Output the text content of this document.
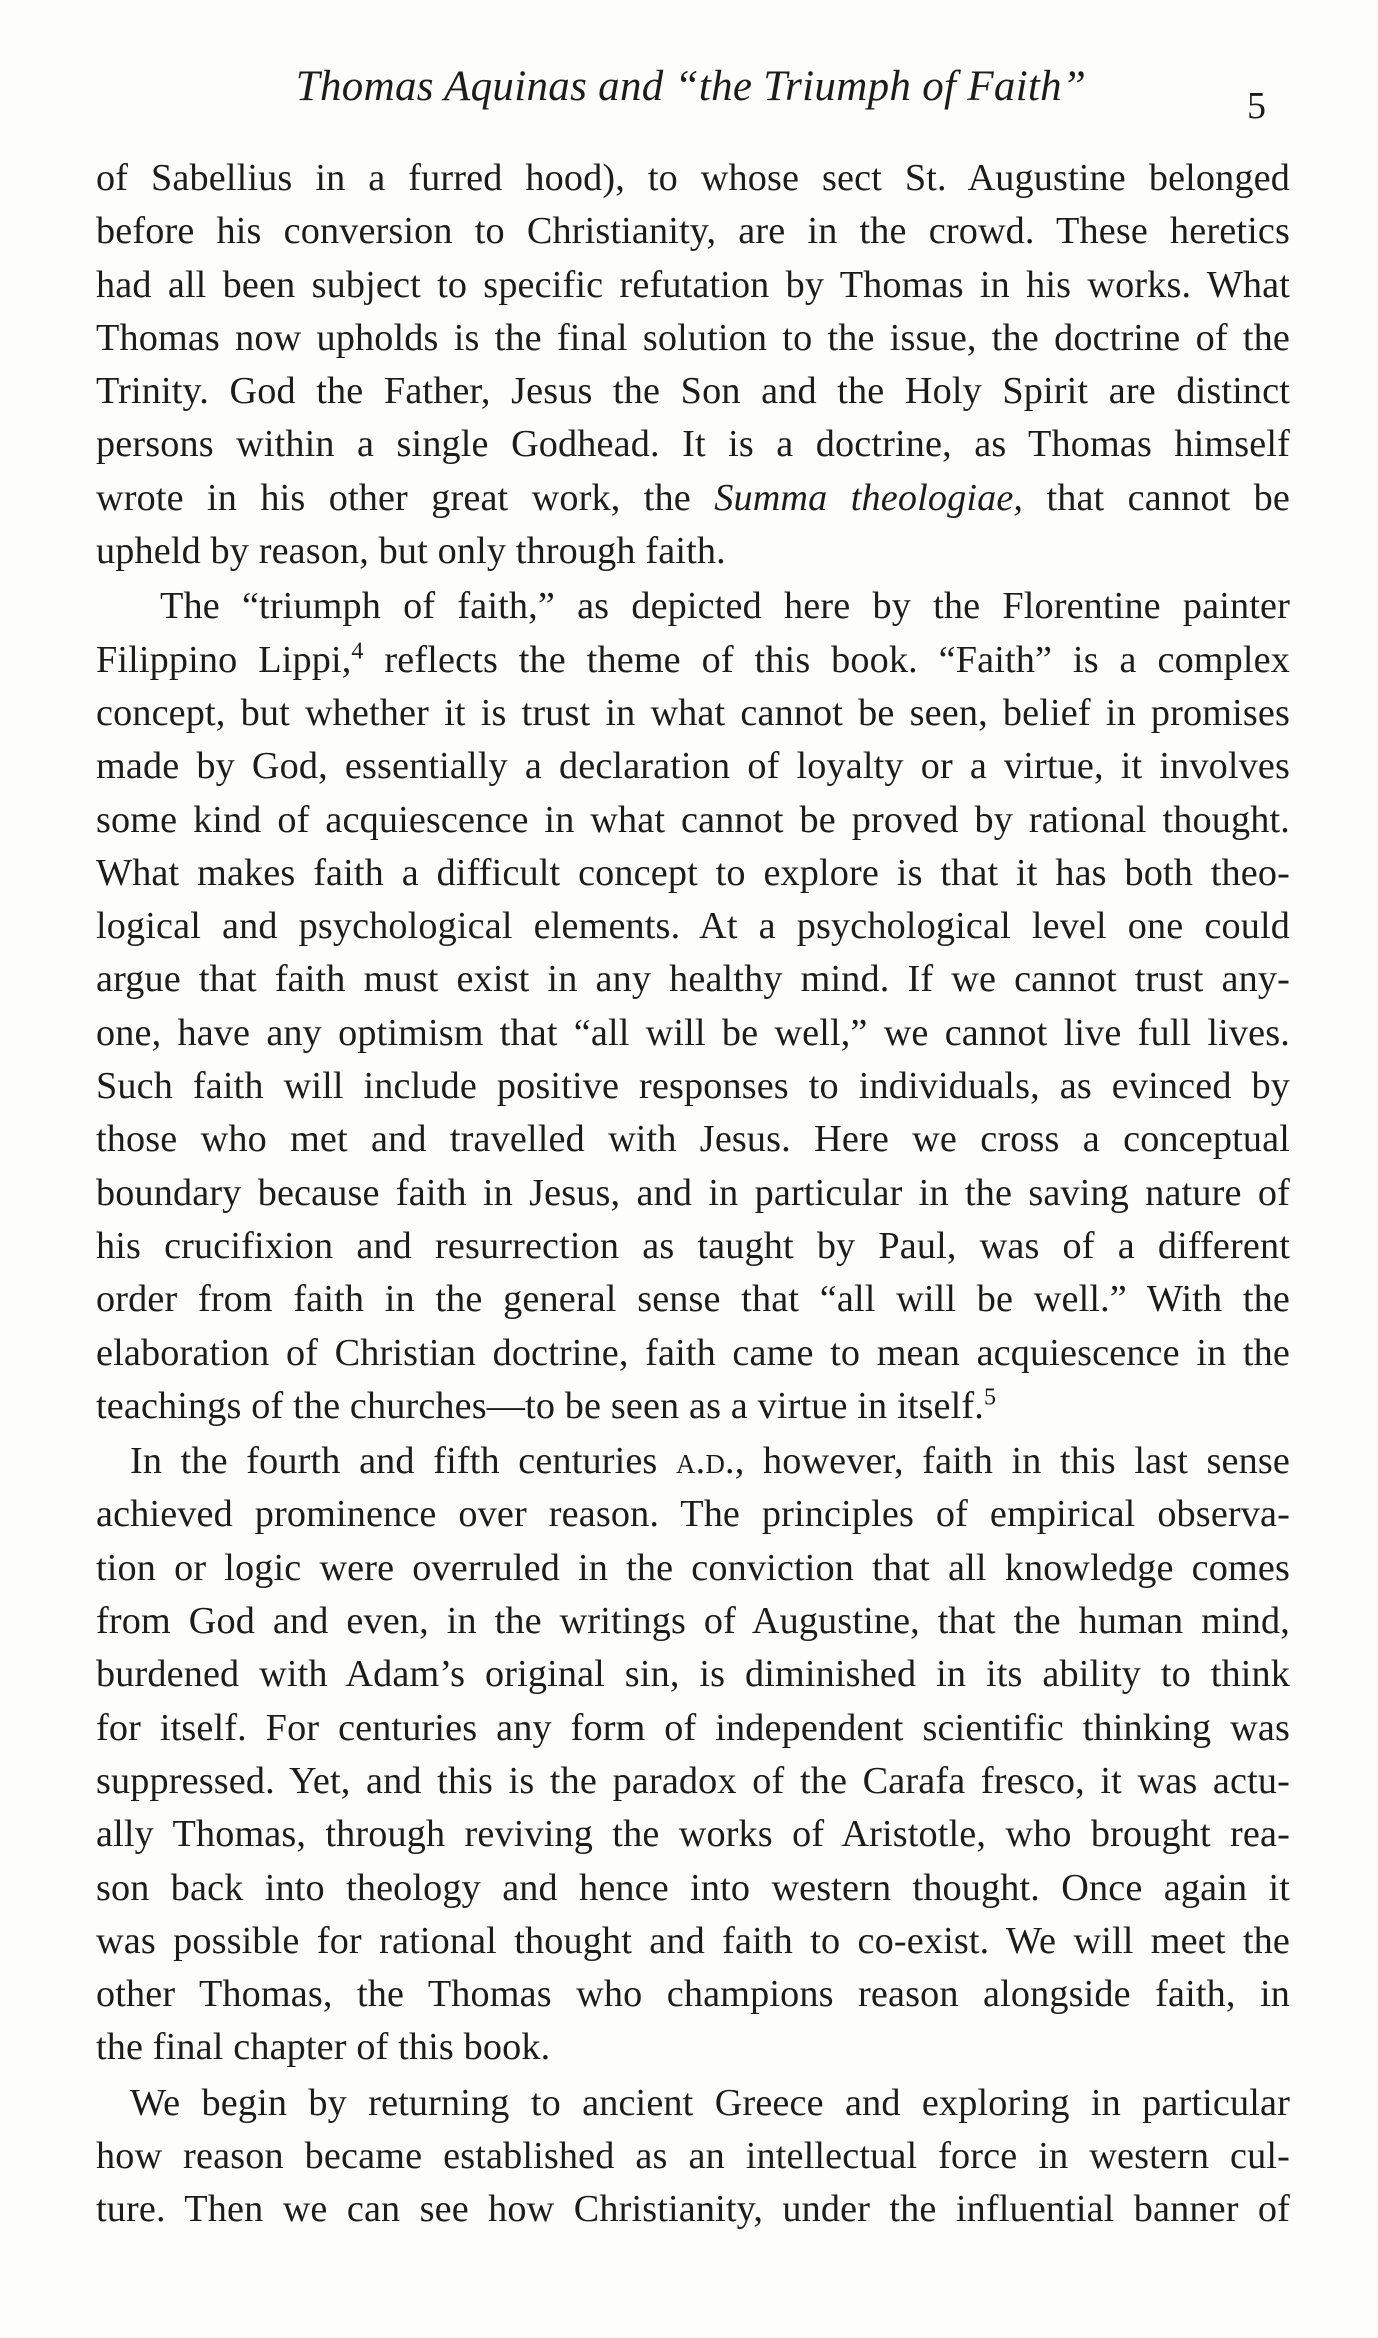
Thomas Aquinas and “the Triumph of Faith”	5
of Sabellius in a furred hood), to whose sect St. Augustine belonged
before his conversion to Christianity, are in the crowd. These heretics
had all been subject to specific refutation by Thomas in his works. What
Thomas now upholds is the final solution to the issue, the doctrine of the
Trinity. God the Father, Jesus the Son and the Holy Spirit are distinct
persons within a single Godhead. It is a doctrine, as Thomas himself
wrote in his other great work, the Summa theologiae, that cannot be
upheld by reason, but only through faith.
The “triumph of faith,” as depicted here by the Florentine painter
Filippino Lippi,$^4$ reflects the theme of this book. “Faith” is a complex
concept, but whether it is trust in what cannot be seen, belief in promises
made by God, essentially a declaration of loyalty or a virtue, it involves
some kind of acquiescence in what cannot be proved by rational thought.
What makes faith a difficult concept to explore is that it has both theo-
logical and psychological elements. At a psychological level one could
argue that faith must exist in any healthy mind. If we cannot trust any-
one, have any optimism that “all will be well,” we cannot live full lives.
Such faith will include positive responses to individuals, as evinced by
those who met and travelled with Jesus. Here we cross a conceptual
boundary because faith in Jesus, and in particular in the saving nature of
his crucifixion and resurrection as taught by Paul, was of a different
order from faith in the general sense that “all will be well.” With the
elaboration of Christian doctrine, faith came to mean acquiescence in the
teachings of the churches—to be seen as a virtue in itself.$^5$
In the fourth and fifth centuries a.d., however, faith in this last sense
achieved prominence over reason. The principles of empirical observa-
tion or logic were overruled in the conviction that all knowledge comes
from God and even, in the writings of Augustine, that the human mind,
burdened with Adam’s original sin, is diminished in its ability to think
for itself. For centuries any form of independent scientific thinking was
suppressed. Yet, and this is the paradox of the Carafa fresco, it was actu-
ally Thomas, through reviving the works of Aristotle, who brought rea-
son back into theology and hence into western thought. Once again it
was possible for rational thought and faith to co-exist. We will meet the
other Thomas, the Thomas who champions reason alongside faith, in
the final chapter of this book.
We begin by returning to ancient Greece and exploring in particular
how reason became established as an intellectual force in western cul-
ture. Then we can see how Christianity, under the influential banner of
